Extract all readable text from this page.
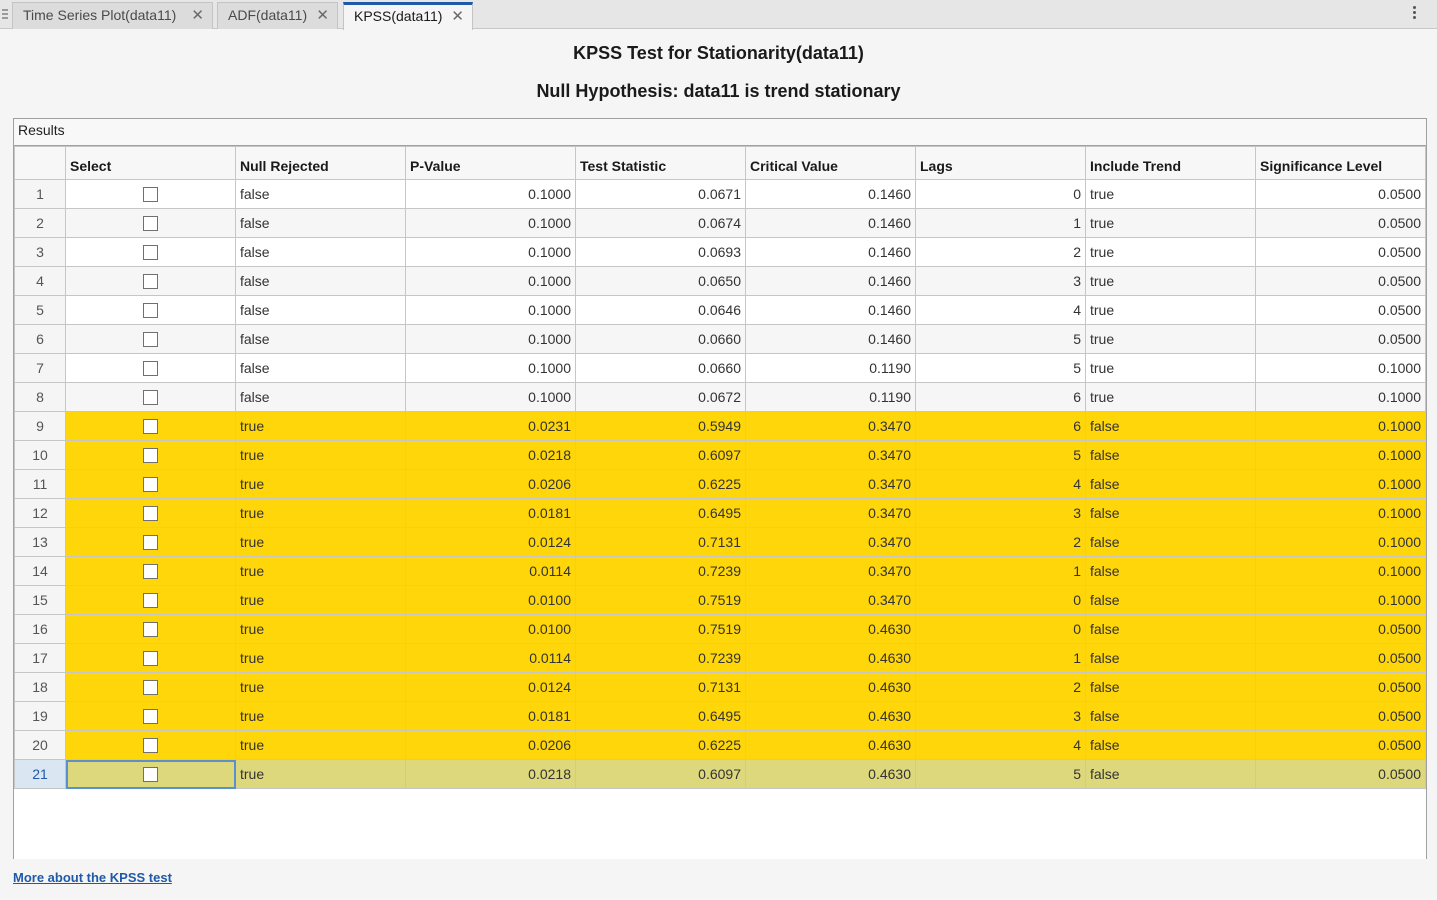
Time Series Plot(data11) ✕	ADF(data11) ✕	KPSS(data11) ✕
KPSS Test for Stationarity(data11)
Null Hypothesis: data11 is trend stationary
Results
	Select	Null Rejected	P-Value	Test Statistic	Critical Value	Lags	Include Trend	Significance Level
1		false	0.1000	0.0671	0.1460	0	true	0.0500
2		false	0.1000	0.0674	0.1460	1	true	0.0500
3		false	0.1000	0.0693	0.1460	2	true	0.0500
4		false	0.1000	0.0650	0.1460	3	true	0.0500
5		false	0.1000	0.0646	0.1460	4	true	0.0500
6		false	0.1000	0.0660	0.1460	5	true	0.0500
7		false	0.1000	0.0660	0.1190	5	true	0.1000
8		false	0.1000	0.0672	0.1190	6	true	0.1000
9		true	0.0231	0.5949	0.3470	6	false	0.1000
10		true	0.0218	0.6097	0.3470	5	false	0.1000
11		true	0.0206	0.6225	0.3470	4	false	0.1000
12		true	0.0181	0.6495	0.3470	3	false	0.1000
13		true	0.0124	0.7131	0.3470	2	false	0.1000
14		true	0.0114	0.7239	0.3470	1	false	0.1000
15		true	0.0100	0.7519	0.3470	0	false	0.1000
16		true	0.0100	0.7519	0.4630	0	false	0.0500
17		true	0.0114	0.7239	0.4630	1	false	0.0500
18		true	0.0124	0.7131	0.4630	2	false	0.0500
19		true	0.0181	0.6495	0.4630	3	false	0.0500
20		true	0.0206	0.6225	0.4630	4	false	0.0500
21		true	0.0218	0.6097	0.4630	5	false	0.0500
More about the KPSS test
